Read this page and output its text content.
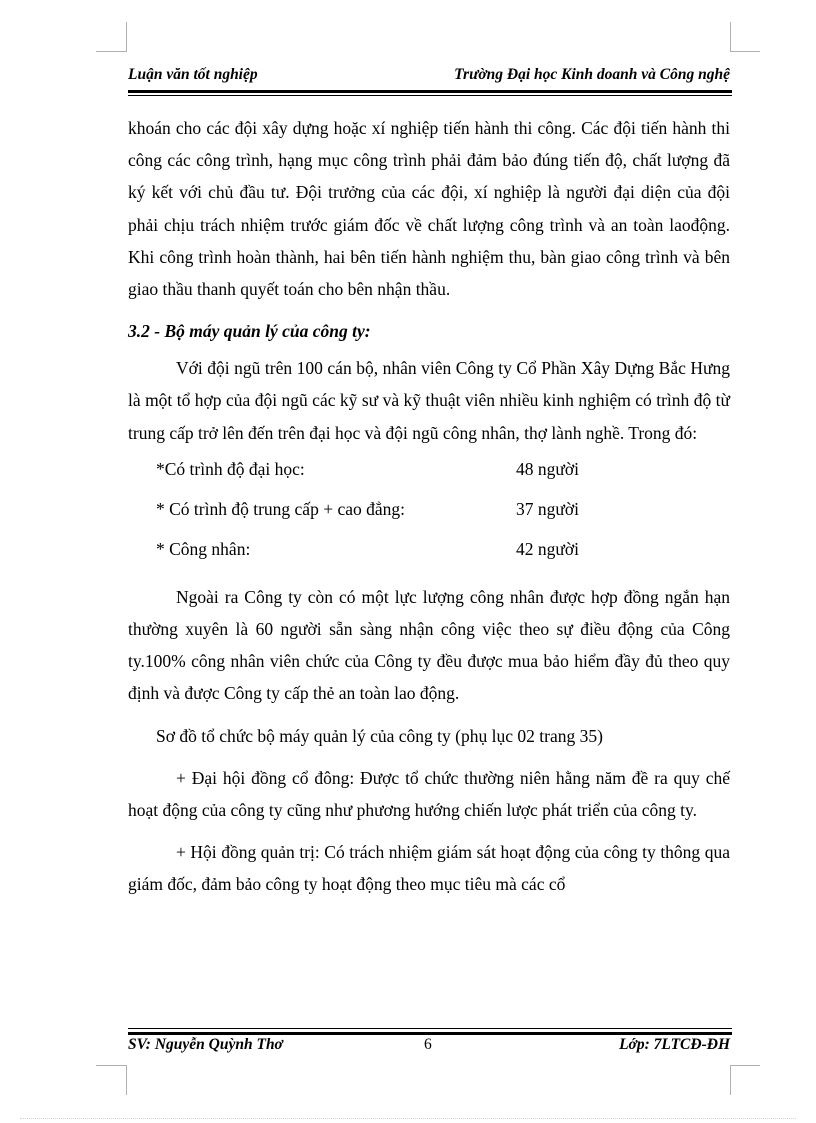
Luận văn tốt nghiệp	Trường Đại học Kinh doanh và Công nghệ

khoán cho các đội xây dựng hoặc xí nghiệp tiến hành thi công. Các đội tiến hành thi công các công trình, hạng mục công trình phải đảm bảo đúng tiến độ, chất lượng đã ký kết với chủ đầu tư. Đội trưởng của các đội, xí nghiệp là người đại diện của đội phải chịu trách nhiệm trước giám đốc về chất lượng công trình và an toàn laođộng. Khi công trình hoàn thành, hai bên tiến hành nghiệm thu, bàn giao công trình và bên giao thầu thanh quyết toán cho bên nhận thầu.

3.2 - Bộ máy quản lý của công ty:

Với đội ngũ trên 100 cán bộ, nhân viên Công ty Cổ Phần Xây Dựng Bắc Hưng là một tổ hợp của đội ngũ các kỹ sư và kỹ thuật viên nhiều kinh nghiệm có trình độ từ trung cấp trở lên đến trên đại học và đội ngũ công nhân, thợ lành nghề. Trong đó:

*Có trình độ đại học:	48 người
* Có trình độ trung cấp + cao đẳng:	37 người
* Công nhân:	42 người

Ngoài ra Công ty còn có một lực lượng công nhân được hợp đồng ngắn hạn thường xuyên là 60 người sẵn sàng nhận công việc theo sự điều động của Công ty.100% công nhân viên chức của Công ty đều được mua bảo hiểm đầy đủ theo quy định và được Công ty cấp thẻ an toàn lao động.

Sơ đồ tổ chức bộ máy quản lý của công ty (phụ lục 02 trang 35)

+ Đại hội đồng cổ đông: Được tổ chức thường niên hằng năm đề ra quy chế hoạt động của công ty cũng như phương hướng chiến lược phát triển của công ty.

+ Hội đồng quản trị: Có trách nhiệm giám sát hoạt động của công ty thông qua giám đốc, đảm bảo công ty hoạt động theo mục tiêu mà các cổ

SV: Nguyễn Quỳnh Thơ	6	Lớp: 7LTCĐ-ĐH
